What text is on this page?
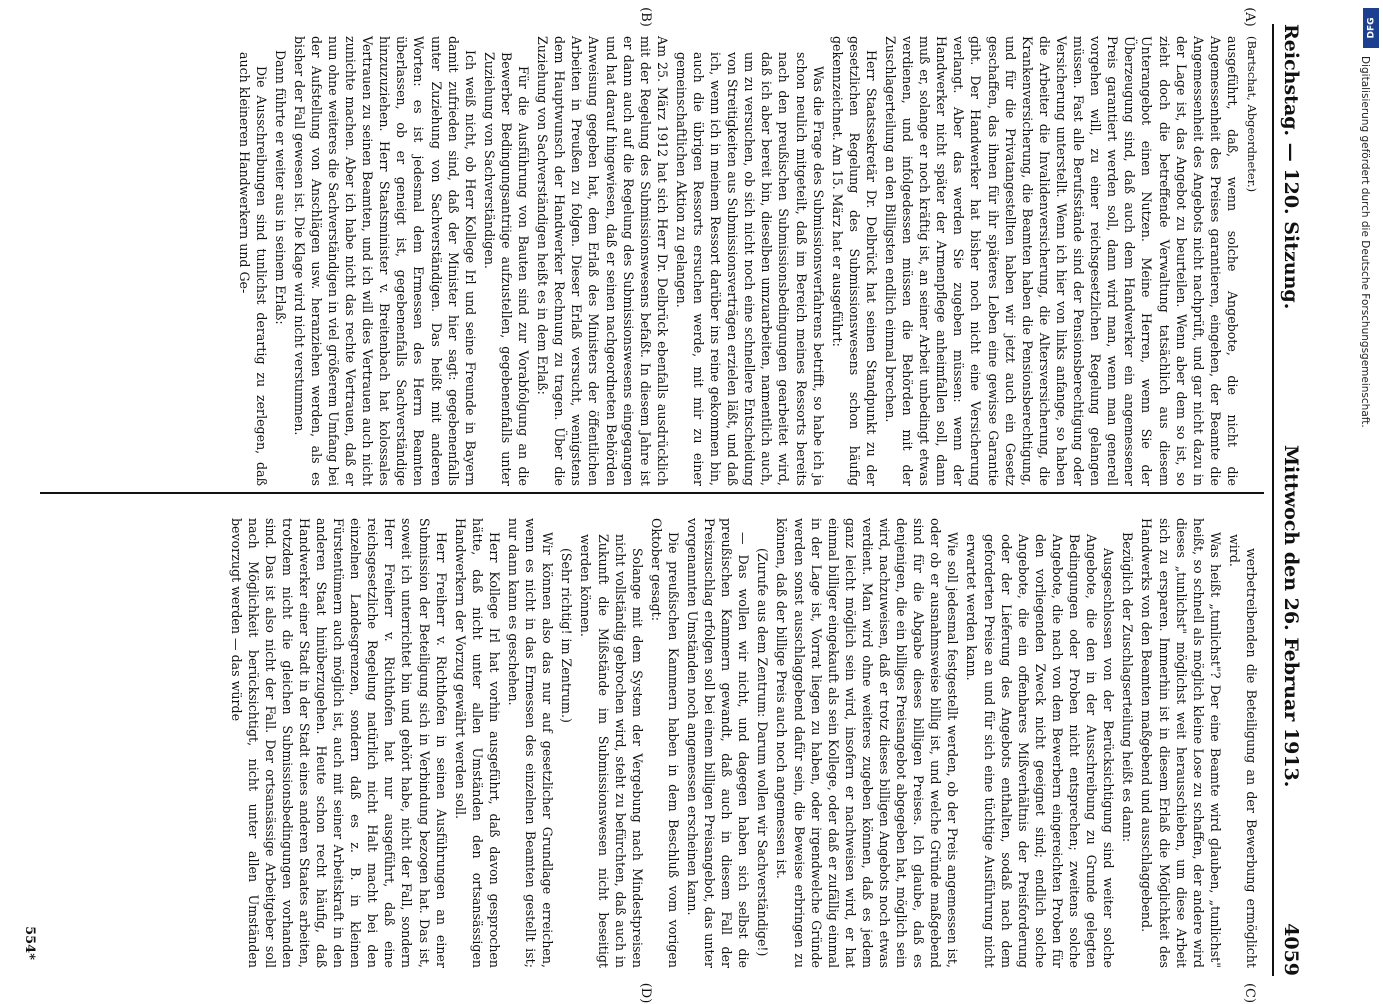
Reichstag. — 120. Sitzung.
Mittwoch den 26. Februar 1913.
4059
(A)
(B)

(Bartschat, Abgeordneter.)

ausgeführt, daß, wenn solche Angebote, die nicht die Angemessenheit des Preises garantieren, eingehen, der Beamte die Angemessenheit des Angebots nicht nachprüft, und gar nicht dazu in der Lage ist, das Angebot zu beurteilen. Wenn aber dem so ist, so zieht doch die betreffende Verwaltung tatsächlich aus diesem Unterangebot einen Nutzen. Meine Herren, wenn Sie der Überzeugung sind, daß auch dem Handwerker ein angemessener Preis garantiert werden soll, dann wird man, wenn man generell vorgehen will, zu einer reichsgesetzlichen Regelung gelangen müssen. Fast alle Berufsstände sind der Pensionsberechtigung oder Versicherung unterstellt. Wenn ich hier von links anfange, so haben die Arbeiter die Invalidenversicherung, die Altersversicherung, die Krankenversicherung, die Beamten haben die Pensionsberechtigung, und für die Privatangestellten haben wir jetzt auch ein Gesetz geschaffen, das ihnen für ihr späteres Leben eine gewisse Garantie gibt. Der Handwerker hat bisher noch nicht eine Versicherung verlangt. Aber das werden Sie zugeben müssen: wenn der Handwerker nicht später der Armenpflege anheimfallen soll, dann muß er, solange er noch kräftig ist, an seiner Arbeit unbedingt etwas verdienen, und infolgedessen müssen die Behörden mit der Zuschlagerteilung an den Billigsten endlich einmal brechen.

Herr Staatssekretär Dr. Delbrück hat seinen Standpunkt zu der gesetzlichen Regelung des Submissionswesens schon häufig gekennzeichnet. Am 15. März hat er ausgeführt:

Was die Frage des Submissionsverfahrens betrifft, so habe ich ja schon neulich mitgeteilt, daß im Bereich meines Ressorts bereits nach den preußischen Submissionsbedingungen gearbeitet wird, daß ich aber bereit bin, dieselben umzuarbeiten, namentlich auch, um zu versuchen, ob sich nicht noch eine schnellere Entscheidung von Streitigkeiten aus Submissionsverträgen erzielen läßt, und daß ich, wenn ich in meinem Ressort darüber ins reine gekommen bin, auch die übrigen Ressorts ersuchen werde, mit mir zu einer gemeinschaftlichen Aktion zu gelangen.

Am 25. März 1912 hat sich Herr Dr. Delbrück ebenfalls ausdrücklich mit der Regelung des Submissionswesens befaßt. In diesem Jahre ist er dann auch auf die Regelung des Submissionswesens eingegangen und hat darauf hingewiesen, daß er seinen nachgeordneten Behörden Anweisung gegeben hat, dem Erlaß des Ministers der öffentlichen Arbeiten in Preußen zu folgen. Dieser Erlaß versucht, wenigstens dem Hauptwunsch der Handwerker Rechnung zu tragen. Über die Zuziehung von Sachverständigen heißt es in dem Erlaß:

Für die Ausführung von Bauten sind zur Vorabfolgung an die Bewerber Bedingungsantriige aufzustellen, gegebenenfalls unter Zuziehung von Sachverständigen.

Ich weiß nicht, ob Herr Kollege Irl und seine Freunde in Bayern damit zufrieden sind, daß der Minister hier sagt: gegebenenfalls unter Zuziehung von Sachverständigen. Das heißt mit anderen Worten: es ist jedesmal dem Ermessen des Herrn Beamten überlassen, ob er geneigt ist, gegebenenfalls Sachverständige hinzuzuziehen. Herr Staatsminister v. Breitenbach hat kolossales Vertrauen zu seinen Beamten, und ich will dies Vertrauen auch nicht zunichte machen. Aber ich habe nicht das rechte Vertrauen, daß er nun ohne weiteres die Sachverständigen in viel größerem Umfang bei der Aufstellung von Anschlägen usw. heranziehen werden, als es bisher der Fall gewesen ist. Die Klage wird nicht verstummen.

Dann führte er weiter aus in seinem Erlaß:

Die Ausschreibungen sind tunlichst derartig zu zerlegen, daß auch kleineren Handwerkern und Ge-

(C)
(D)

werbetreibenden die Beteiligung an der Bewerbung ermöglicht wird.

Was heißt „tunlichst"? Der eine Beamte wird glauben, „tunlichst" heißt, so schnell als möglich kleine Lose zu schaffen, der andere wird dieses „tunlichst" möglichst weit herausschieben, um diese Arbeit sich zu ersparen. Immerhin ist in diesem Erlaß die Möglichkeit des Handwerks von den Beamten maßgebend und ausschlaggebend.

Bezüglich der Zuschlagserteilung heißt es dann:

Ausgeschlossen von der Berücksichtigung sind weiter solche Angebote, die den in der Ausschreibung zu Grunde gelegten Bedingungen oder Proben nicht entsprechen; zweitens solche Angebote, die nach von dem Bewerbern eingereichten Proben für den vorliegenden Zweck nicht geeignet sind; endlich solche Angebote, die ein offenbares Mißverhältnis der Preisforderung oder der Lieferung des Angebots enthalten, sodaß nach dem geforderten Preise an und für sich eine tüchtige Ausführung nicht erwartet werden kann.

Wie soll jedesmal festgestellt werden, ob der Preis angemessen ist, oder ob er ausnahmsweise billig ist, und welche Gründe maßgebend sind für die Abgabe dieses billigen Preises. Ich glaube, daß es denjenigen, die ein billiges Preisangebot abgegeben hat, möglich sein wird, nachzuweisen, daß er trotz dieses billigen Angebots noch etwas verdient. Man wird ohne weiteres zugeben können, daß es jedem ganz leicht möglich sein wird, insofern er nachweisen wird, er hat einmal billiger eingekauft als sein Kollege, oder daß er zufällig einmal in der Lage ist, Vorrat liegen zu haben, oder irgendwelche Gründe werden sonst ausschlaggebend dafür sein, die Beweise erbringen zu können, daß der billige Preis auch noch angemessen ist.

(Zurufe aus dem Zentrum: Darum wollen wir Sachverständige!)

— Das wollen wir nicht, und dagegen haben sich selbst die preußischen Kammern gewandt, daß auch in diesem Fall der Preiszuschlag erfolgen soll bei einem billigen Preisangebot, das unter vorgenannten Umständen noch angemessen erscheinen kann.

Die preußischen Kammern haben in dem Beschluß vom vorigen Oktober gesagt:

Solange mit dem System der Vergebung nach Mindestpreisen nicht vollständig gebrochen wird, steht zu befürchten, daß auch in Zukunft die Mißstände im Submissionswesen nicht beseitigt werden können.

(Sehr richtig! im Zentrum.)

Wir können also das nur auf gesetzlicher Grundlage erreichen, wenn es nicht in das Ermessen des einzelnen Beamten gestellt ist; nur dann kann es geschehen.

Herr Kollege Irl hat vorhin ausgeführt, daß davon gesprochen hätte, daß nicht unter allen Umständen den ortsansässigen Handwerkern der Vorzug gewährt werden soll.

Herr Freiherr v. Richthofen in seinen Ausführungen an einer Submission der Beteiligung sich in Verbindung bezogen hat. Das ist, soweit ich unterrichtet bin und gehört habe, nicht der Fall, sondern Herr Freiherr v. Richthofen hat nur ausgeführt, daß eine reichsgesetzliche Regelung natürlich nicht Halt macht bei den einzelnen Landesgrenzen, sondern daß es z. B. in kleinen Fürstentümern auch möglich ist, auch mit seiner Arbeitskraft in den anderen Staat hinüberzugehen. Heute schon recht häufig, daß Handwerker einer Stadt in der Stadt eines anderen Staates arbeiten, trotzdem nicht die gleichen Submissionsbedingungen vorhanden sind. Das ist also nicht der Fall. Der ortsansässige Arbeitgeber soll nach Möglichkeit berücksichtigt, nicht unter allen Umständen bevorzugt werden — das würde

554*
DFG
Digitalisierung gefördert durch die Deutsche Forschungsgemeinschaft.
